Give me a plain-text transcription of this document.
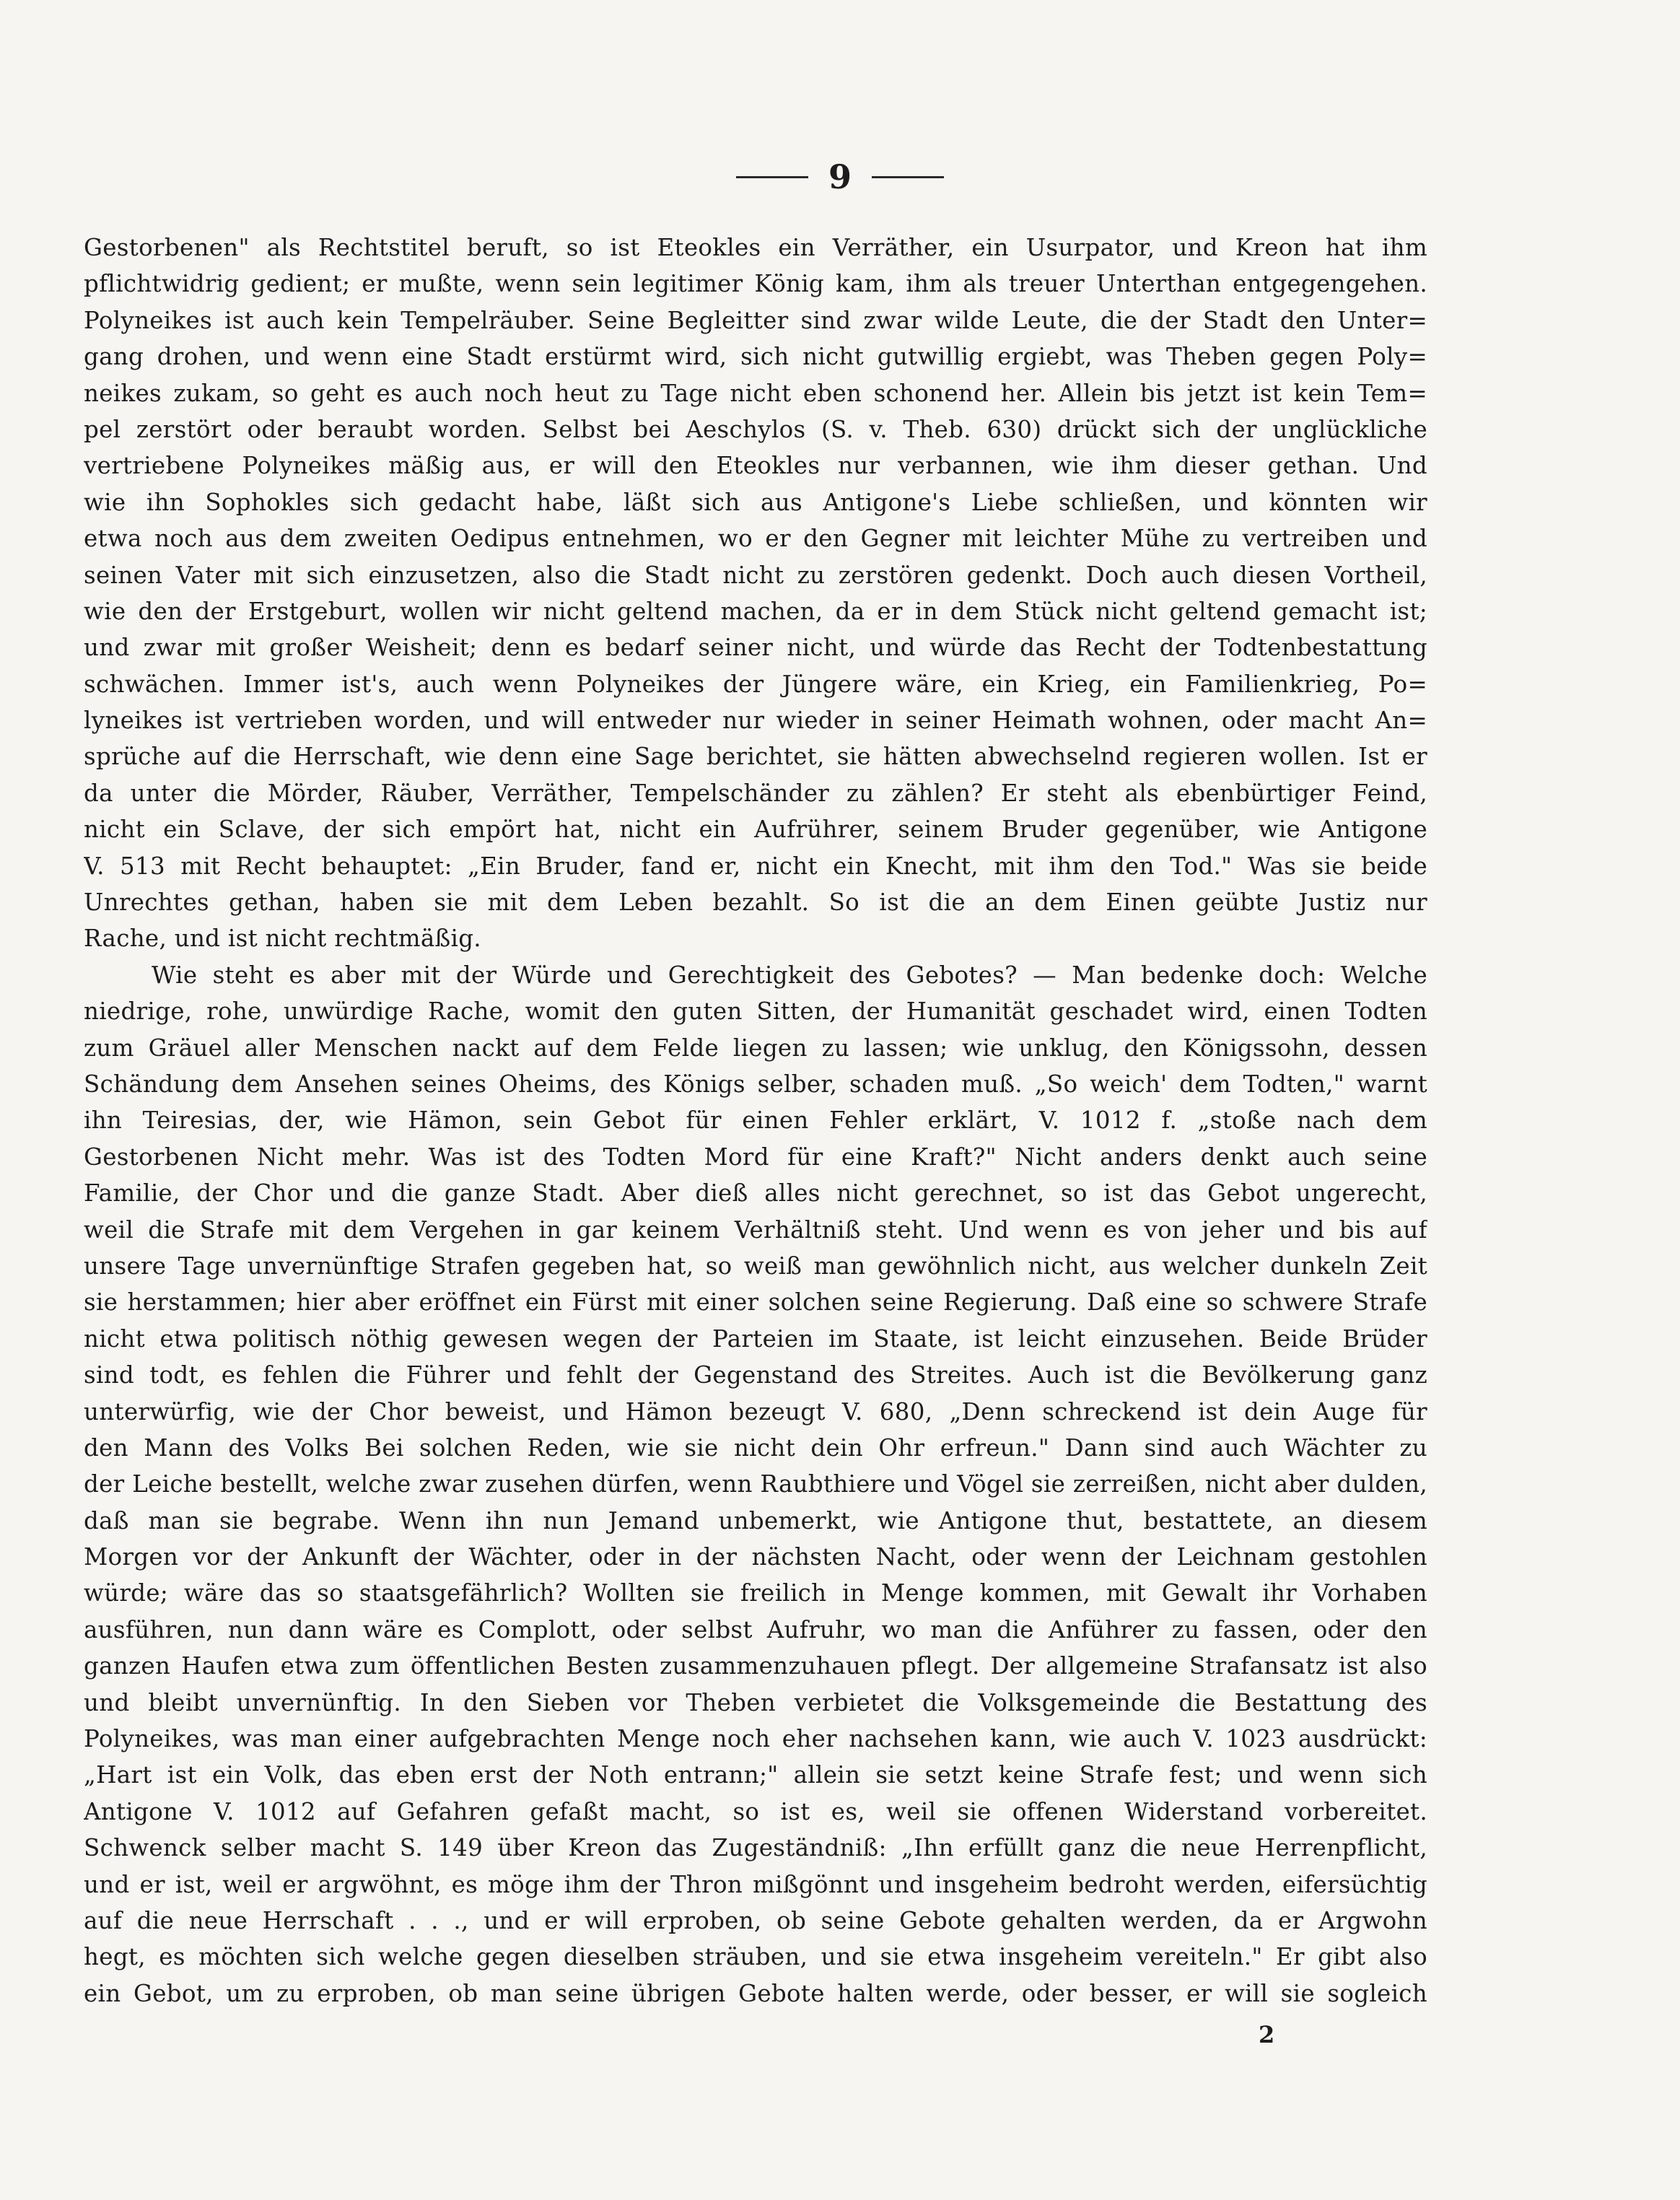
9
Gestorbenen" als Rechtstitel beruft, so ist Eteokles ein Verräther, ein Usurpator, und Kreon hat ihm
pflichtwidrig gedient; er mußte, wenn sein legitimer König kam, ihm als treuer Unterthan entgegengehen.
Polyneikes ist auch kein Tempelräuber. Seine Begleitter sind zwar wilde Leute, die der Stadt den Unter=
gang drohen, und wenn eine Stadt erstürmt wird, sich nicht gutwillig ergiebt, was Theben gegen Poly=
neikes zukam, so geht es auch noch heut zu Tage nicht eben schonend her. Allein bis jetzt ist kein Tem=
pel zerstört oder beraubt worden. Selbst bei Aeschylos (S. v. Theb. 630) drückt sich der unglückliche
vertriebene Polyneikes mäßig aus, er will den Eteokles nur verbannen, wie ihm dieser gethan. Und
wie ihn Sophokles sich gedacht habe, läßt sich aus Antigone's Liebe schließen, und könnten wir
etwa noch aus dem zweiten Oedipus entnehmen, wo er den Gegner mit leichter Mühe zu vertreiben und
seinen Vater mit sich einzusetzen, also die Stadt nicht zu zerstören gedenkt. Doch auch diesen Vortheil,
wie den der Erstgeburt, wollen wir nicht geltend machen, da er in dem Stück nicht geltend gemacht ist;
und zwar mit großer Weisheit; denn es bedarf seiner nicht, und würde das Recht der Todtenbestattung
schwächen. Immer ist's, auch wenn Polyneikes der Jüngere wäre, ein Krieg, ein Familienkrieg, Po=
lyneikes ist vertrieben worden, und will entweder nur wieder in seiner Heimath wohnen, oder macht An=
sprüche auf die Herrschaft, wie denn eine Sage berichtet, sie hätten abwechselnd regieren wollen. Ist er
da unter die Mörder, Räuber, Verräther, Tempelschänder zu zählen? Er steht als ebenbürtiger Feind,
nicht ein Sclave, der sich empört hat, nicht ein Aufrührer, seinem Bruder gegenüber, wie Antigone
V. 513 mit Recht behauptet: „Ein Bruder, fand er, nicht ein Knecht, mit ihm den Tod." Was sie beide
Unrechtes gethan, haben sie mit dem Leben bezahlt. So ist die an dem Einen geübte Justiz nur
Rache, und ist nicht rechtmäßig.
Wie steht es aber mit der Würde und Gerechtigkeit des Gebotes? — Man bedenke doch: Welche
niedrige, rohe, unwürdige Rache, womit den guten Sitten, der Humanität geschadet wird, einen Todten
zum Gräuel aller Menschen nackt auf dem Felde liegen zu lassen; wie unklug, den Königssohn, dessen
Schändung dem Ansehen seines Oheims, des Königs selber, schaden muß. „So weich' dem Todten," warnt
ihn Teiresias, der, wie Hämon, sein Gebot für einen Fehler erklärt, V. 1012 f. „stoße nach dem
Gestorbenen Nicht mehr. Was ist des Todten Mord für eine Kraft?" Nicht anders denkt auch seine
Familie, der Chor und die ganze Stadt. Aber dieß alles nicht gerechnet, so ist das Gebot ungerecht,
weil die Strafe mit dem Vergehen in gar keinem Verhältniß steht. Und wenn es von jeher und bis auf
unsere Tage unvernünftige Strafen gegeben hat, so weiß man gewöhnlich nicht, aus welcher dunkeln Zeit
sie herstammen; hier aber eröffnet ein Fürst mit einer solchen seine Regierung. Daß eine so schwere Strafe
nicht etwa politisch nöthig gewesen wegen der Parteien im Staate, ist leicht einzusehen. Beide Brüder
sind todt, es fehlen die Führer und fehlt der Gegenstand des Streites. Auch ist die Bevölkerung ganz
unterwürfig, wie der Chor beweist, und Hämon bezeugt V. 680, „Denn schreckend ist dein Auge für
den Mann des Volks Bei solchen Reden, wie sie nicht dein Ohr erfreun." Dann sind auch Wächter zu
der Leiche bestellt, welche zwar zusehen dürfen, wenn Raubthiere und Vögel sie zerreißen, nicht aber dulden,
daß man sie begrabe. Wenn ihn nun Jemand unbemerkt, wie Antigone thut, bestattete, an diesem
Morgen vor der Ankunft der Wächter, oder in der nächsten Nacht, oder wenn der Leichnam gestohlen
würde; wäre das so staatsgefährlich? Wollten sie freilich in Menge kommen, mit Gewalt ihr Vorhaben
ausführen, nun dann wäre es Complott, oder selbst Aufruhr, wo man die Anführer zu fassen, oder den
ganzen Haufen etwa zum öffentlichen Besten zusammenzuhauen pflegt. Der allgemeine Strafansatz ist also
und bleibt unvernünftig. In den Sieben vor Theben verbietet die Volksgemeinde die Bestattung des
Polyneikes, was man einer aufgebrachten Menge noch eher nachsehen kann, wie auch V. 1023 ausdrückt:
„Hart ist ein Volk, das eben erst der Noth entrann;" allein sie setzt keine Strafe fest; und wenn sich
Antigone V. 1012 auf Gefahren gefaßt macht, so ist es, weil sie offenen Widerstand vorbereitet.
Schwenck selber macht S. 149 über Kreon das Zugeständniß: „Ihn erfüllt ganz die neue Herrenpflicht,
und er ist, weil er argwöhnt, es möge ihm der Thron mißgönnt und insgeheim bedroht werden, eifersüchtig
auf die neue Herrschaft . . ., und er will erproben, ob seine Gebote gehalten werden, da er Argwohn
hegt, es möchten sich welche gegen dieselben sträuben, und sie etwa insgeheim vereiteln." Er gibt also
ein Gebot, um zu erproben, ob man seine übrigen Gebote halten werde, oder besser, er will sie sogleich
2
